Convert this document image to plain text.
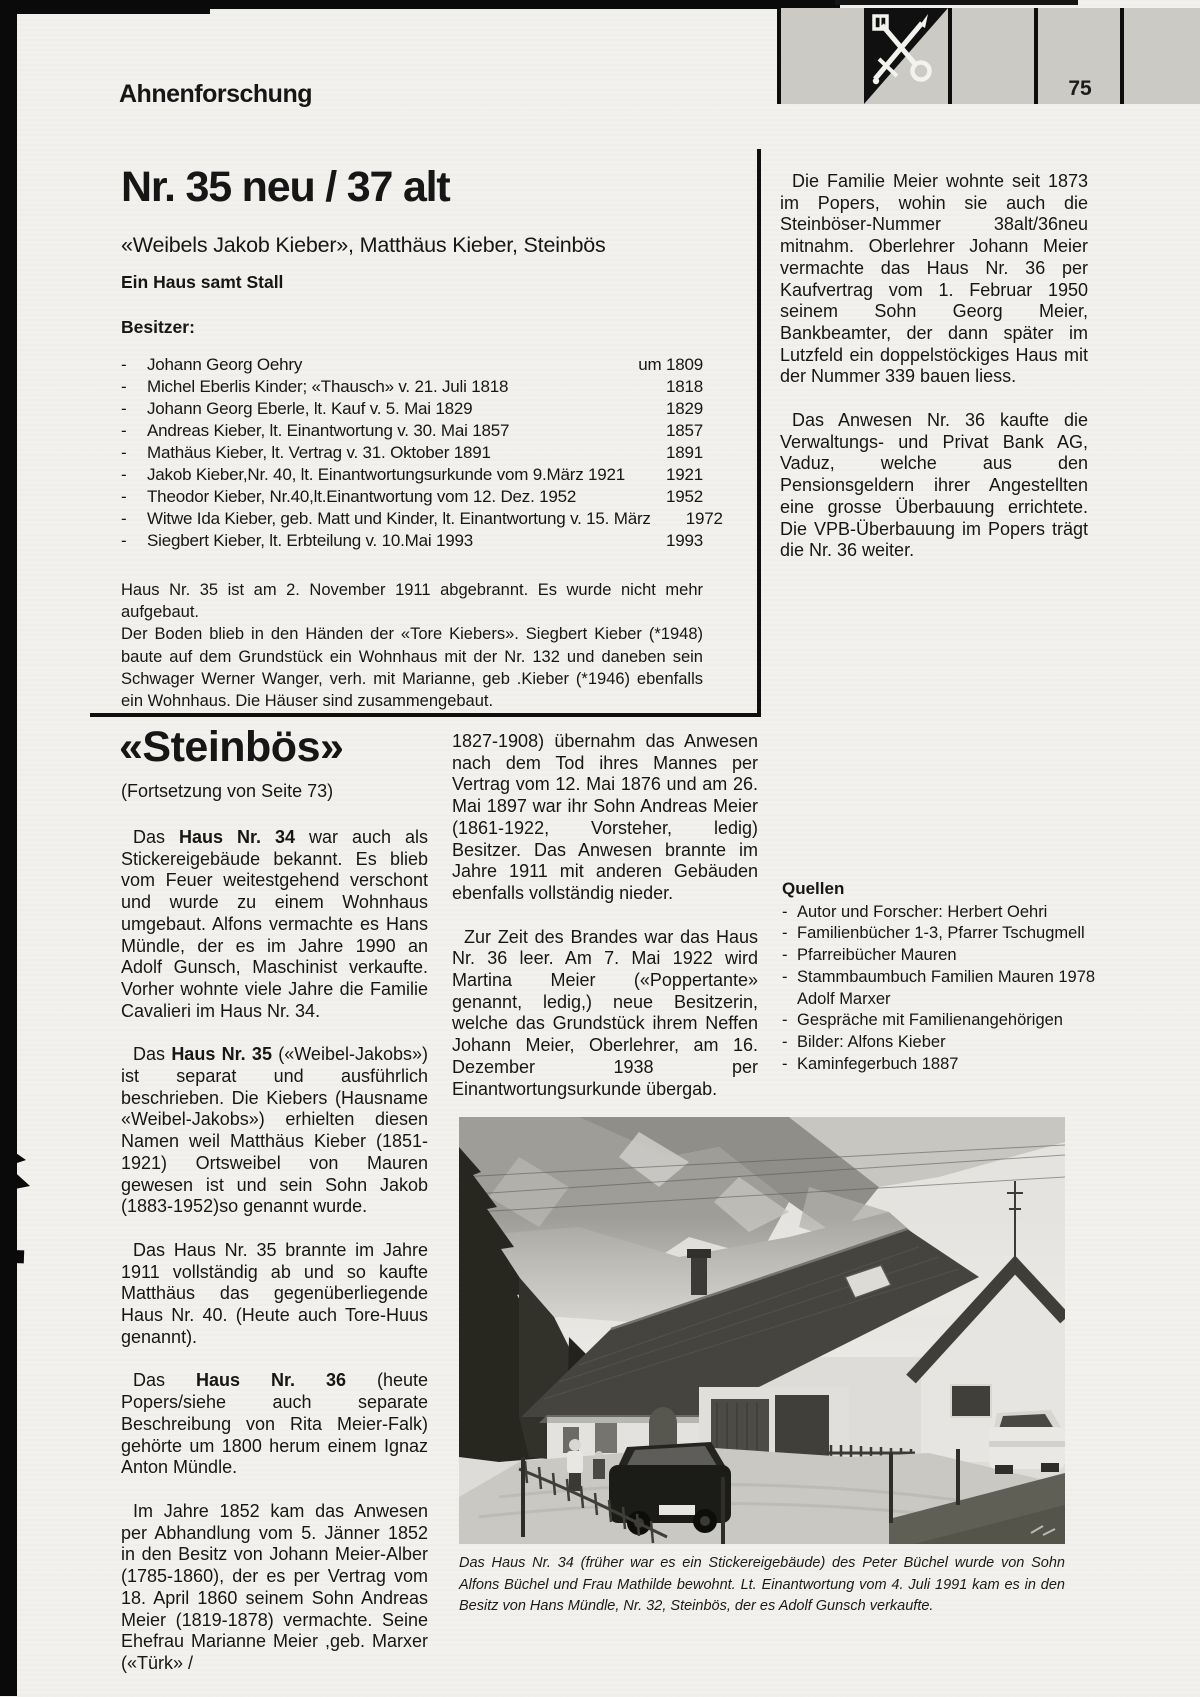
Ahnenforschung	75
Nr. 35 neu / 37 alt
«Weibels Jakob Kieber», Matthäus Kieber, Steinbös
Ein Haus samt Stall
Besitzer:
-	Johann Georg Oehry	um 1809
-	Michel Eberlis Kinder; «Thausch» v. 21. Juli 1818	1818
-	Johann Georg Eberle, lt. Kauf v. 5. Mai 1829	1829
-	Andreas Kieber, lt. Einantwortung v. 30. Mai 1857	1857
-	Mathäus Kieber, lt. Vertrag v. 31. Oktober 1891	1891
-	Jakob Kieber,Nr. 40, lt. Einantwortungsurkunde vom 9.März 1921	1921
-	Theodor Kieber, Nr.40,lt.Einantwortung vom 12. Dez. 1952	1952
-	Witwe Ida Kieber, geb. Matt und Kinder, lt. Einantwortung v. 15. März	1972
-	Siegbert Kieber, lt. Erbteilung v. 10.Mai 1993	1993

Haus Nr. 35 ist am 2. November 1911 abgebrannt. Es wurde nicht mehr aufgebaut.

Der Boden blieb in den Händen der «Tore Kiebers». Siegbert Kieber (*1948) baute auf dem Grundstück ein Wohnhaus mit der Nr. 132 und daneben sein Schwager Werner Wanger, verh. mit Marianne, geb .Kieber (*1946) ebenfalls ein Wohnhaus. Die Häuser sind zusammengebaut.

Die Familie Meier wohnte seit 1873 im Popers, wohin sie auch die Steinböser-Nummer 38alt/36neu mitnahm. Oberlehrer Johann Meier vermachte das Haus Nr. 36 per Kaufvertrag vom 1. Februar 1950 seinem Sohn Georg Meier, Bankbeamter, der dann später im Lutzfeld ein doppelstöckiges Haus mit der Nummer 339 bauen liess.

Das Anwesen Nr. 36 kaufte die Verwaltungs- und Privat Bank AG, Vaduz, welche aus den Pensionsgeldern ihrer Angestellten eine grosse Überbauung errichtete. Die VPB-Überbauung im Popers trägt die Nr. 36 weiter.

«Steinbös»
(Fortsetzung von Seite 73)

Das Haus Nr. 34 war auch als Stickereigebäude bekannt. Es blieb vom Feuer weitestgehend verschont und wurde zu einem Wohnhaus umgebaut. Alfons vermachte es Hans Mündle, der es im Jahre 1990 an Adolf Gunsch, Maschinist verkaufte. Vorher wohnte viele Jahre die Familie Cavalieri im Haus Nr. 34.

Das Haus Nr. 35 («Weibel-Jakobs») ist separat und ausführlich beschrieben. Die Kiebers (Hausname «Weibel-Jakobs») erhielten diesen Namen weil Matthäus Kieber (1851-1921) Ortsweibel von Mauren gewesen ist und sein Sohn Jakob (1883-1952)so genannt wurde.

Das Haus Nr. 35 brannte im Jahre 1911 vollständig ab und so kaufte Matthäus das gegenüberliegende Haus Nr. 40. (Heute auch Tore-Huus genannt).

Das Haus Nr. 36 (heute Popers/siehe auch separate Beschreibung von Rita Meier-Falk) gehörte um 1800 herum einem Ignaz Anton Mündle.

Im Jahre 1852 kam das Anwesen per Abhandlung vom 5. Jänner 1852 in den Besitz von Johann Meier-Alber (1785-1860), der es per Vertrag vom 18. April 1860 seinem Sohn Andreas Meier (1819-1878) vermachte. Seine Ehefrau Marianne Meier ,geb. Marxer («Türk» /

1827-1908) übernahm das Anwesen nach dem Tod ihres Mannes per Vertrag vom 12. Mai 1876 und am 26. Mai 1897 war ihr Sohn Andreas Meier (1861-1922, Vorsteher, ledig) Besitzer. Das Anwesen brannte im Jahre 1911 mit anderen Gebäuden ebenfalls vollständig nieder.

Zur Zeit des Brandes war das Haus Nr. 36 leer. Am 7. Mai 1922 wird Martina Meier («Poppertante» genannt, ledig,) neue Besitzerin, welche das Grundstück ihrem Neffen Johann Meier, Oberlehrer, am 16. Dezember 1938 per Einantwortungsurkunde übergab.

Quellen
- Autor und Forscher: Herbert Oehri
- Familienbücher 1-3, Pfarrer Tschugmell
- Pfarreibücher Mauren
- Stammbaumbuch Familien Mauren 1978 Adolf Marxer
- Gespräche mit Familienangehörigen
- Bilder: Alfons Kieber
- Kaminfegerbuch 1887
Das Haus Nr. 34 (früher war es ein Stickereigebäude) des Peter Büchel wurde von Sohn Alfons Büchel und Frau Mathilde bewohnt. Lt. Einantwortung vom 4. Juli 1991 kam es in den Besitz von Hans Mündle, Nr. 32, Steinbös, der es Adolf Gunsch verkaufte.
